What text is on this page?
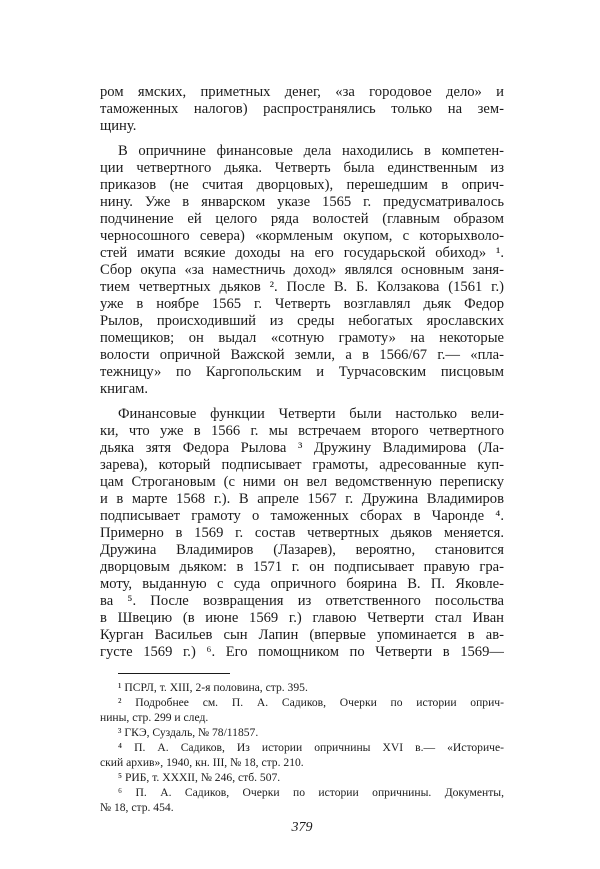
ром ямских, приметных денег, «за городовое дело» и
таможенных налогов) распространялись только на зем-
щину.
В опричнине финансовые дела находились в компетен-
ции четвертного дьяка. Четверть была единственным из
приказов (не считая дворцовых), перешедшим в оприч-
нину. Уже в январском указе 1565 г. предусматривалось
подчинение ей целого ряда волостей (главным образом
черносошного севера) «кормленым окупом, с которыхволо-
стей имати всякие доходы на его государьской обиход» ¹.
Сбор окупа «за наместничь доход» являлся основным заня-
тием четвертных дьяков ². После В. Б. Колзакова (1561 г.)
уже в ноябре 1565 г. Четверть возглавлял дьяк Федор
Рылов, происходивший из среды небогатых ярославских
помещиков; он выдал «сотную грамоту» на некоторые
волости опричной Важской земли, а в 1566/67 г.— «пла-
тежницу» по Каргопольским и Турчасовским писцовым
книгам.
Финансовые функции Четверти были настолько вели-
ки, что уже в 1566 г. мы встречаем второго четвертного
дьяка зятя Федора Рылова ³ Дружину Владимирова (Ла-
зарева), который подписывает грамоты, адресованные куп-
цам Строгановым (с ними он вел ведомственную переписку
и в марте 1568 г.). В апреле 1567 г. Дружина Владимиров
подписывает грамоту о таможенных сборах в Чаронде ⁴.
Примерно в 1569 г. состав четвертных дьяков меняется.
Дружина Владимиров (Лазарев), вероятно, становится
дворцовым дьяком: в 1571 г. он подписывает правую гра-
моту, выданную с суда опричного боярина В. П. Яковле-
ва ⁵. После возвращения из ответственного посольства
в Швецию (в июне 1569 г.) главою Четверти стал Иван
Курган Васильев сын Лапин (впервые упоминается в ав-
густе 1569 г.) ⁶. Его помощником по Четверти в 1569—
¹ ПСРЛ, т. XIII, 2-я половина, стр. 395.
² Подробнее см. П. А. Садиков, Очерки по истории оприч-
нины, стр. 299 и след.
³ ГКЭ, Суздаль, № 78/11857.
⁴ П. А. Садиков, Из истории опричнины XVI в.— «Историче-
ский архив», 1940, кн. III, № 18, стр. 210.
⁵ РИБ, т. XXXII, № 246, стб. 507.
⁶ П. А. Садиков, Очерки по истории опричнины. Документы,
№ 18, стр. 454.
379
